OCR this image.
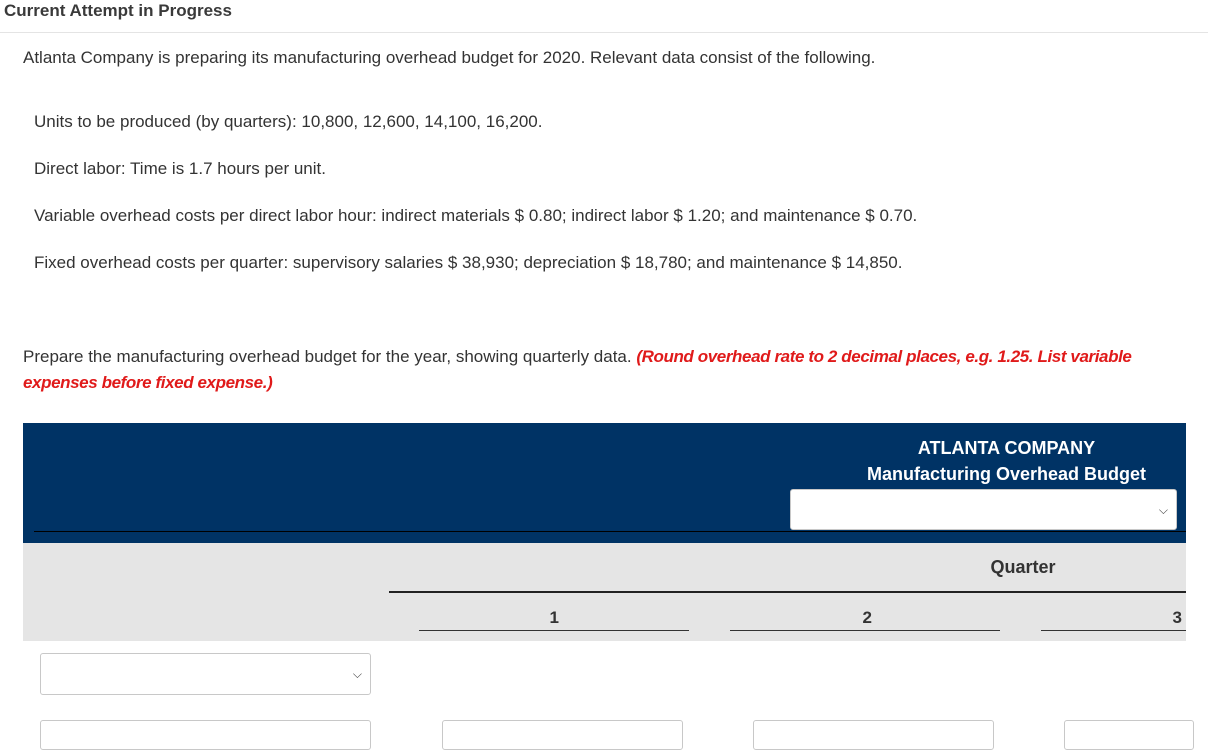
Current Attempt in Progress
Atlanta Company is preparing its manufacturing overhead budget for 2020. Relevant data consist of the following.
Units to be produced (by quarters): 10,800, 12,600, 14,100, 16,200.
Direct labor: Time is 1.7 hours per unit.
Variable overhead costs per direct labor hour: indirect materials $ 0.80; indirect labor $ 1.20; and maintenance $ 0.70.
Fixed overhead costs per quarter: supervisory salaries $ 38,930; depreciation $ 18,780; and maintenance $ 14,850.
Prepare the manufacturing overhead budget for the year, showing quarterly data. (Round overhead rate to 2 decimal places, e.g. 1.25. List variable expenses before fixed expense.)
ATLANTA COMPANY
Manufacturing Overhead Budget
⌵
Quarter
1	2	3
⌵
